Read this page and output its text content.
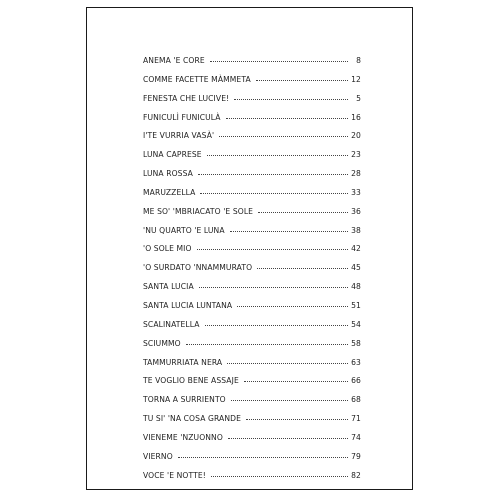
ANEMA 'E CORE	8
COMME FACETTE MÀMMETA	12
FENESTA CHE LUCIVE!	5
FUNICULÌ FUNICULÀ	16
I'TE VURRIA VASÀ'	20
LUNA CAPRESE	23
LUNA ROSSA	28
MARUZZELLA	33
ME SO' 'MBRIACATO 'E SOLE	36
'NU QUARTO 'E LUNA	38
'O SOLE MIO	42
'O SURDATO 'NNAMMURATO	45
SANTA LUCIA	48
SANTA LUCIA LUNTANA	51
SCALINATELLA	54
SCIUMMO	58
TAMMURRIATA NERA	63
TE VOGLIO BENE ASSAJE	66
TORNA A SURRIENTO	68
TU SI' 'NA COSA GRANDE	71
VIENEME 'NZUONNO	74
VIERNO	79
VOCE 'E NOTTE!	82
